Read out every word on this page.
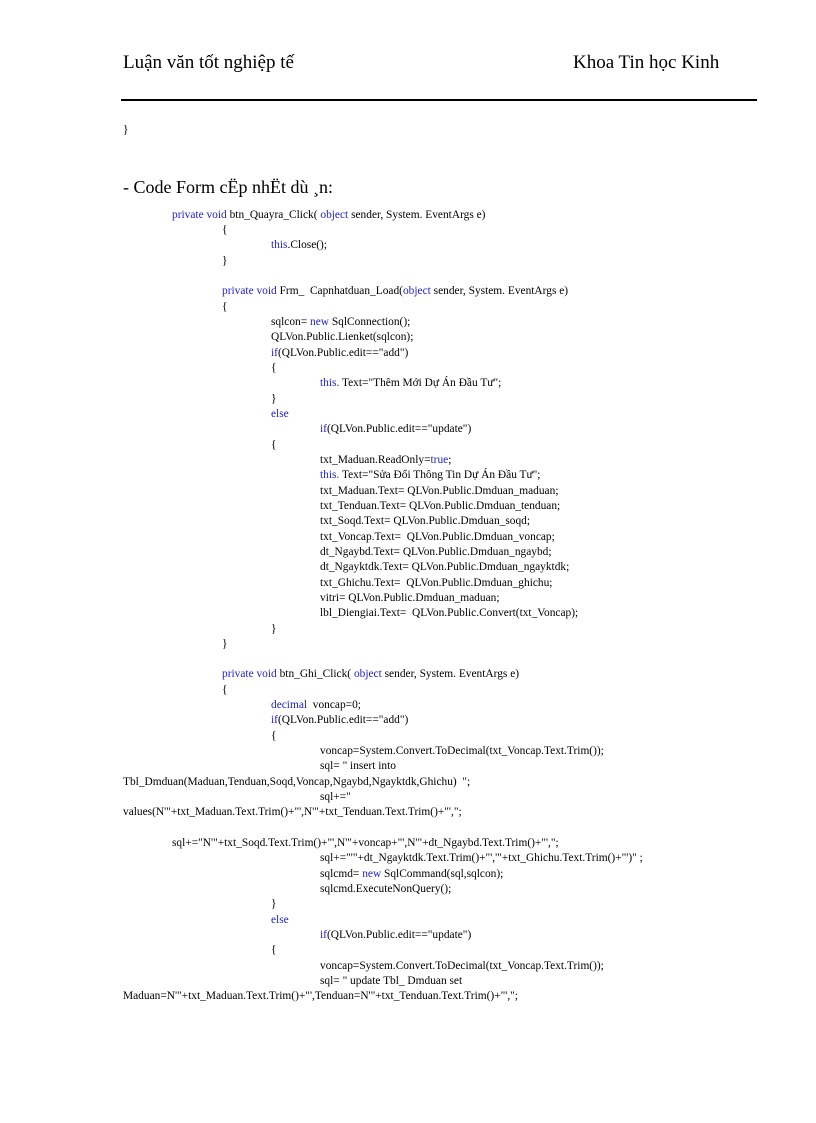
Luận văn tốt nghiệp tế	Khoa Tin học Kinh
- Code Form cËp nhËt dù ¸n:
}
private void btn_Quayra_Click( object sender, System. EventArgs e)
{
this.Close();
}
private void Frm_  Capnhatduan_Load(object sender, System. EventArgs e)
{
sqlcon= new SqlConnection();
QLVon.Public.Lienket(sqlcon);
if(QLVon.Public.edit=="add")
{
this. Text="Thêm Mới Dự Án Đầu Tư";
}
else
if(QLVon.Public.edit=="update")
{
txt_Maduan.ReadOnly=true;
this. Text="Sửa Đổi Thông Tin Dự Án Đầu Tư";
txt_Maduan.Text= QLVon.Public.Dmduan_maduan;
txt_Tenduan.Text= QLVon.Public.Dmduan_tenduan;
txt_Soqd.Text= QLVon.Public.Dmduan_soqd;
txt_Voncap.Text=  QLVon.Public.Dmduan_voncap;
dt_Ngaybd.Text= QLVon.Public.Dmduan_ngaybd;
dt_Ngayktdk.Text= QLVon.Public.Dmduan_ngayktdk;
txt_Ghichu.Text=  QLVon.Public.Dmduan_ghichu;
vitri= QLVon.Public.Dmduan_maduan;
lbl_Diengiai.Text=  QLVon.Public.Convert(txt_Voncap);
}
}
private void btn_Ghi_Click( object sender, System. EventArgs e)
{
decimal  voncap=0;
if(QLVon.Public.edit=="add")
{
voncap=System.Convert.ToDecimal(txt_Voncap.Text.Trim());
sql= " insert into
Tbl_Dmduan(Maduan,Tenduan,Soqd,Voncap,Ngaybd,Ngayktdk,Ghichu)  ";
sql+="
values(N'"+txt_Maduan.Text.Trim()+"',N'"+txt_Tenduan.Text.Trim()+"',";
sql+="N'"+txt_Soqd.Text.Trim()+"',N'"+voncap+"',N'"+dt_Ngaybd.Text.Trim()+"',";
sql+="'"+dt_Ngayktdk.Text.Trim()+"','"+txt_Ghichu.Text.Trim()+"')" ;
sqlcmd= new SqlCommand(sql,sqlcon);
sqlcmd.ExecuteNonQuery();
}
else
if(QLVon.Public.edit=="update")
{
voncap=System.Convert.ToDecimal(txt_Voncap.Text.Trim());
sql= " update Tbl_ Dmduan set
Maduan=N'"+txt_Maduan.Text.Trim()+"',Tenduan=N'"+txt_Tenduan.Text.Trim()+"',";
